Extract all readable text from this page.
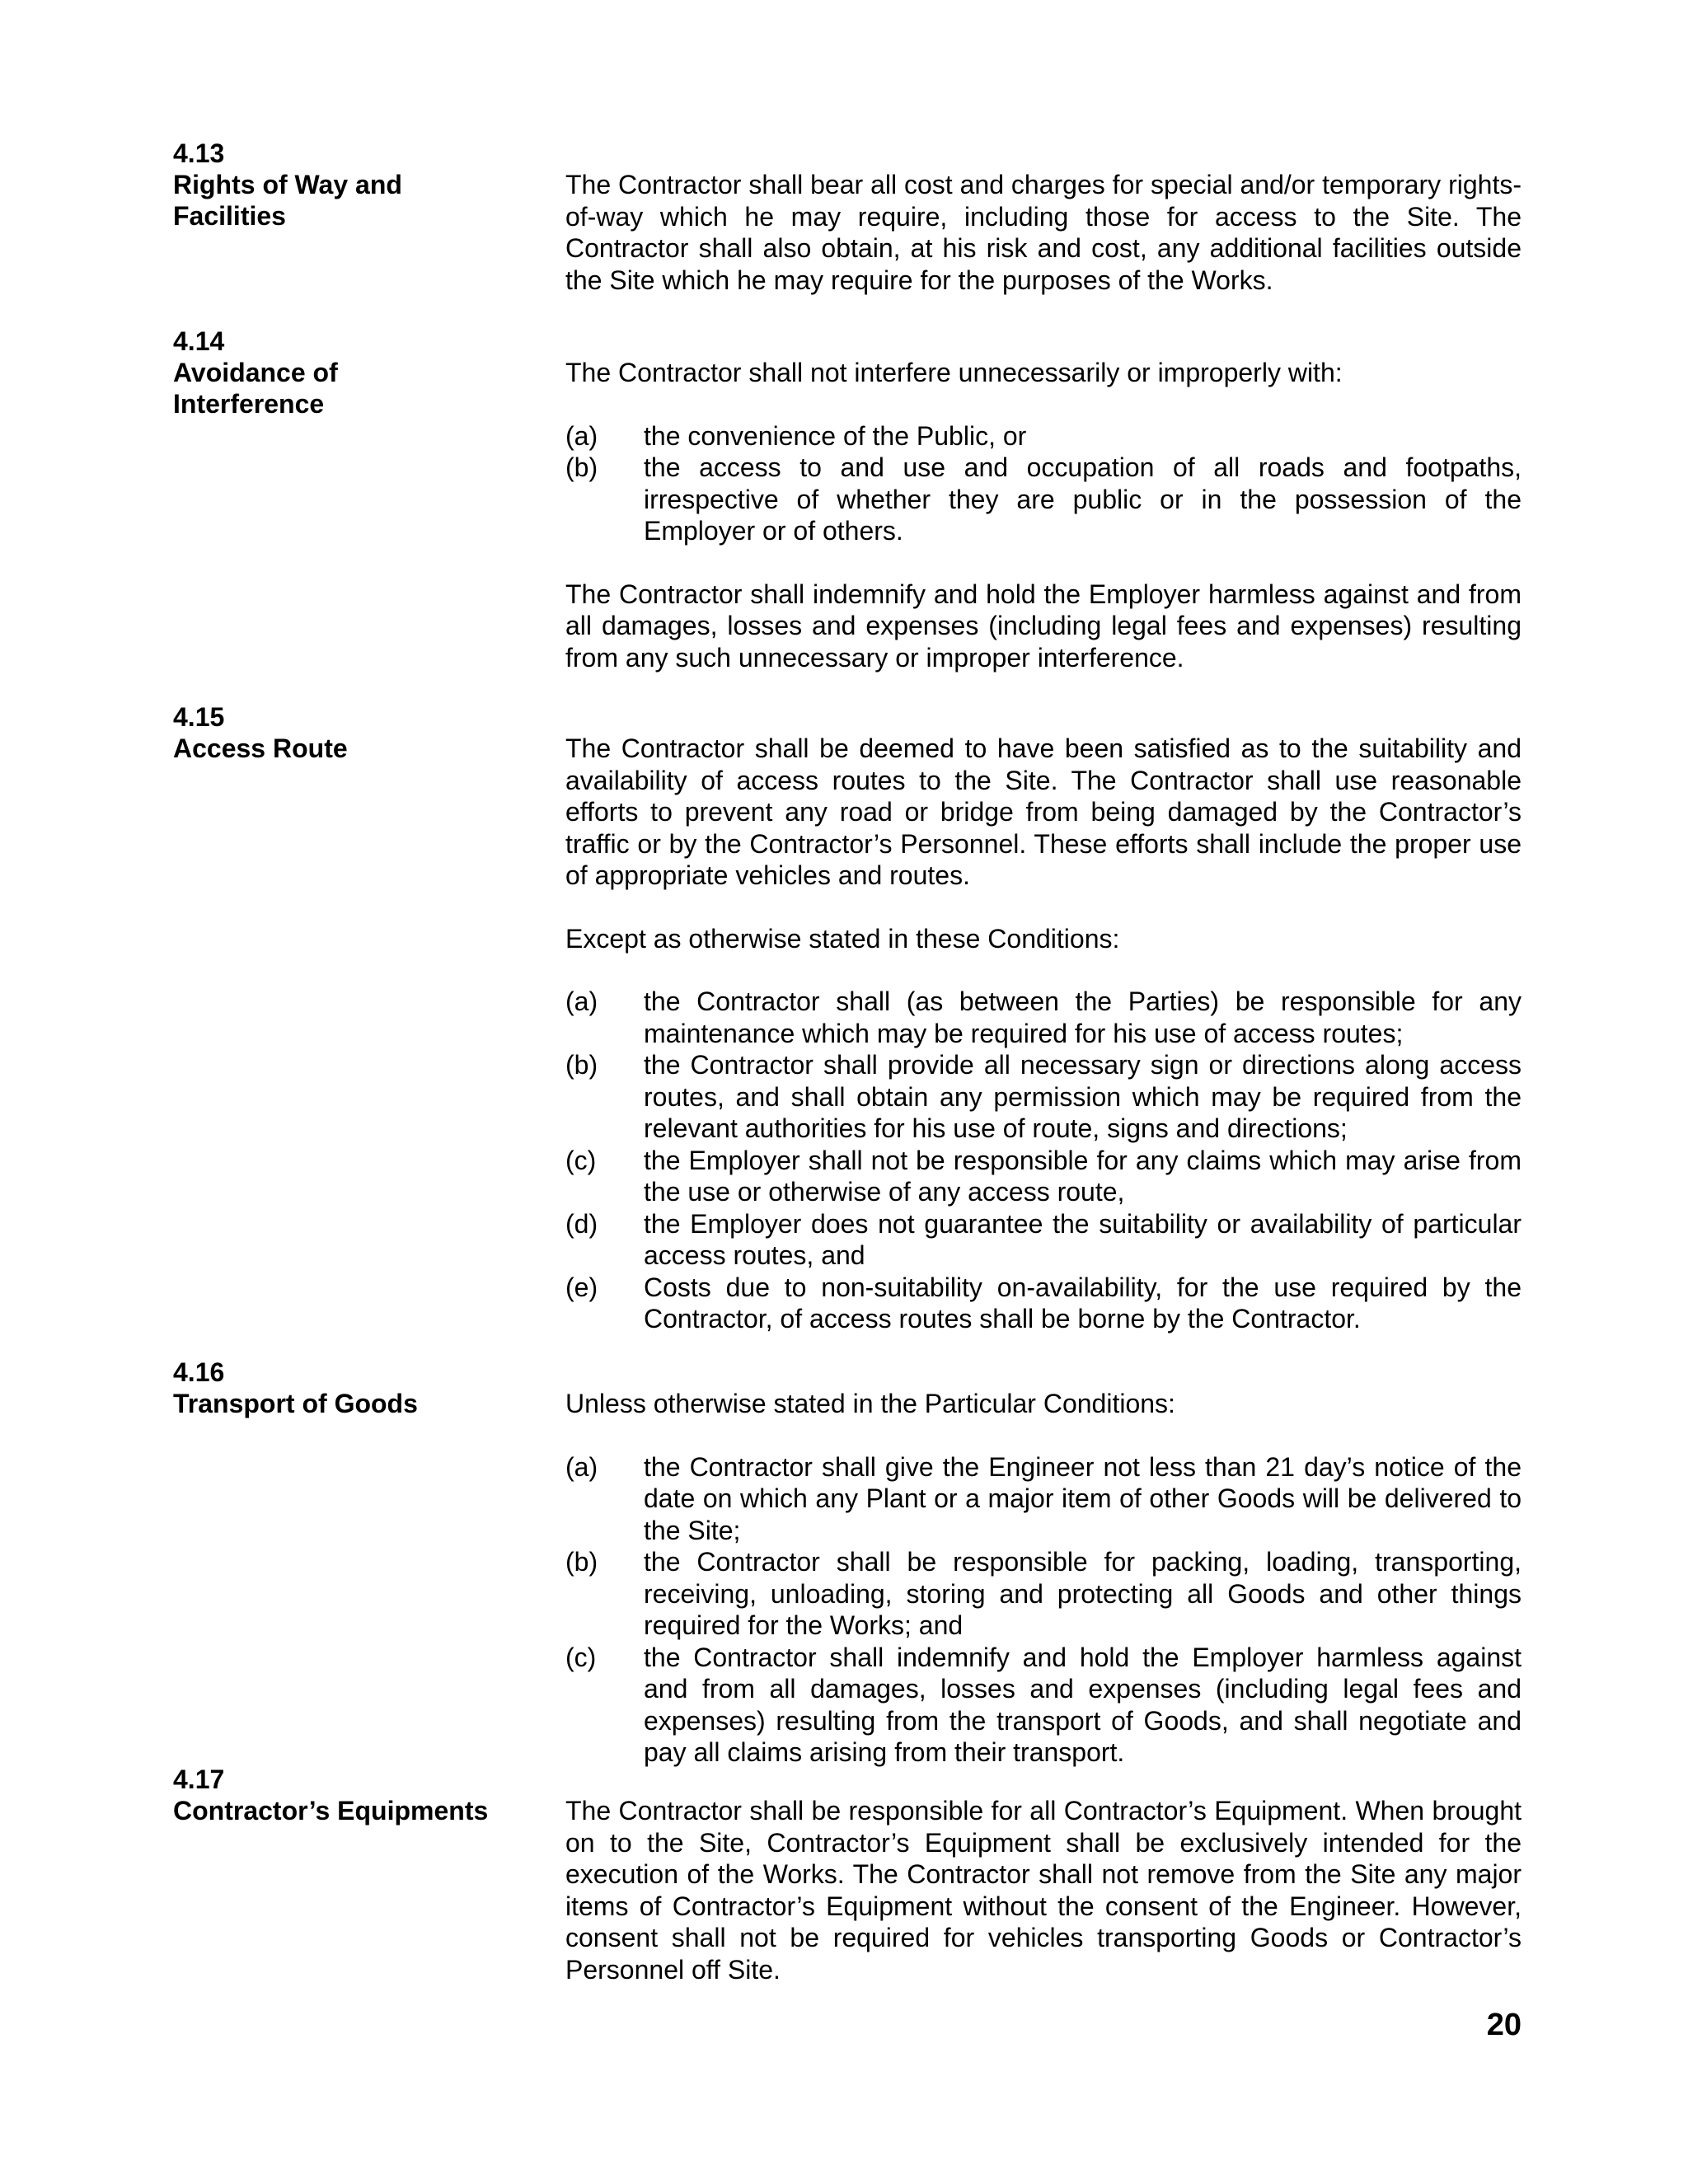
4.13
Rights of Way and
Facilities

The Contractor shall bear all cost and charges for special and/or temporary rights-of-way which he may require, including those for access to the Site. The Contractor shall also obtain, at his risk and cost, any additional facilities outside the Site which he may require for the purposes of the Works.

4.14
Avoidance of
Interference

The Contractor shall not interfere unnecessarily or improperly with:

(a)	the convenience of the Public, or
(b)	the access to and use and occupation of all roads and footpaths, irrespective of whether they are public or in the possession of the Employer or of others.

The Contractor shall indemnify and hold the Employer harmless against and from all damages, losses and expenses (including legal fees and expenses) resulting from any such unnecessary or improper interference.

4.15
Access Route	The Contractor shall be deemed to have been satisfied as to the suitability and availability of access routes to the Site. The Contractor shall use reasonable efforts to prevent any road or bridge from being damaged by the Contractor’s traffic or by the Contractor’s Personnel. These efforts shall include the proper use of appropriate vehicles and routes.

Except as otherwise stated in these Conditions:

(a)	the Contractor shall (as between the Parties) be responsible for any maintenance which may be required for his use of access routes;
(b)	the Contractor shall provide all necessary sign or directions along access routes, and shall obtain any permission which may be required from the relevant authorities for his use of route, signs and directions;
(c)	the Employer shall not be responsible for any claims which may arise from the use or otherwise of any access route,
(d)	the Employer does not guarantee the suitability or availability of particular access routes, and
(e)	Costs due to non-suitability on-availability, for the use required by the Contractor, of access routes shall be borne by the Contractor.
4.16
Transport of Goods	Unless otherwise stated in the Particular Conditions:

(a)	the Contractor shall give the Engineer not less than 21 day’s notice of the date on which any Plant or a major item of other Goods will be delivered to the Site;
(b)	the Contractor shall be responsible for packing, loading, transporting, receiving, unloading, storing and protecting all Goods and other things required for the Works; and
(c)	the Contractor shall indemnify and hold the Employer harmless against and from all damages, losses and expenses (including legal fees and expenses) resulting from the transport of Goods, and shall negotiate and pay all claims arising from their transport.
4.17
Contractor’s Equipments	The Contractor shall be responsible for all Contractor’s Equipment. When brought on to the Site, Contractor’s Equipment shall be exclusively intended for the execution of the Works. The Contractor shall not remove from the Site any major items of Contractor’s Equipment without the consent of the Engineer. However, consent shall not be required for vehicles transporting Goods or Contractor’s Personnel off Site.

20
